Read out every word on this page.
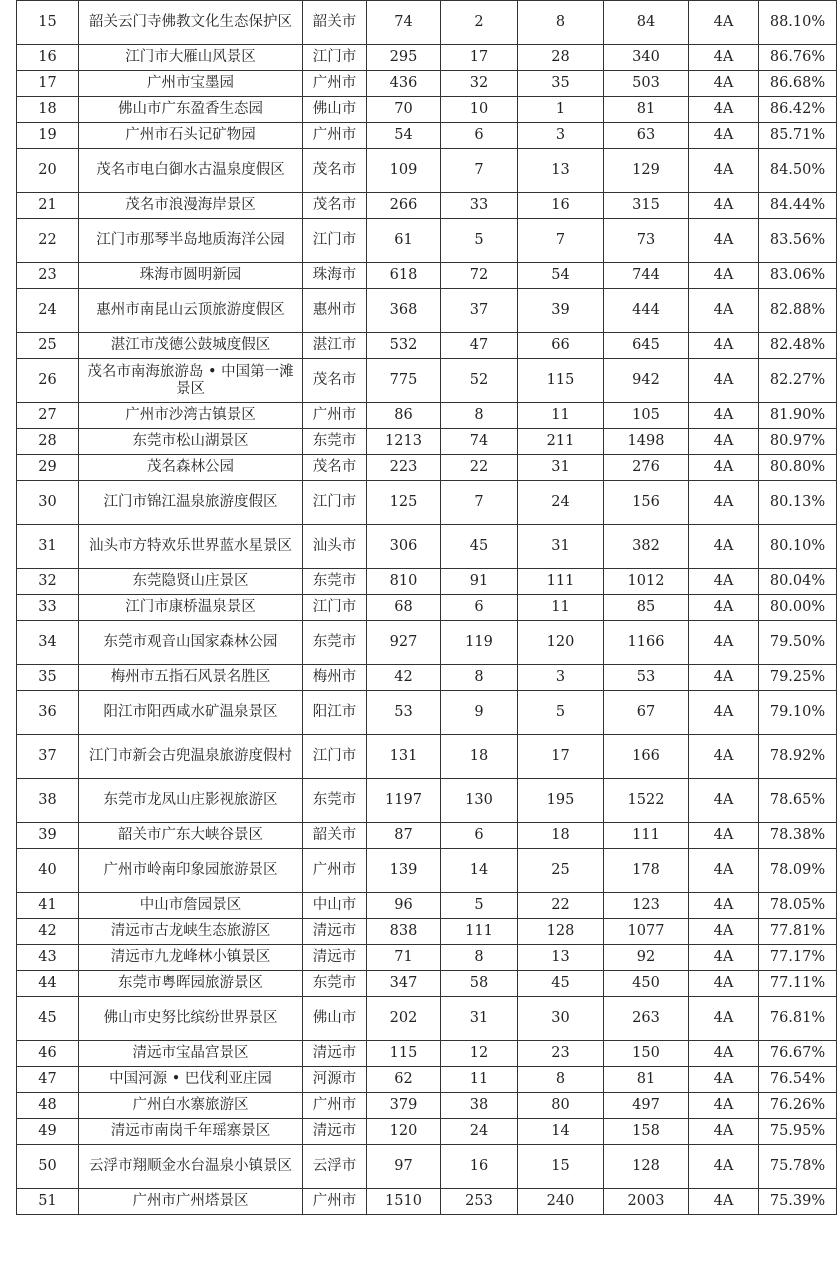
15	韶关云门寺佛教文化生态保护区	韶关市	74	2	8	84	4A	88.10%
16	江门市大雁山风景区	江门市	295	17	28	340	4A	86.76%
17	广州市宝墨园	广州市	436	32	35	503	4A	86.68%
18	佛山市广东盈香生态园	佛山市	70	10	1	81	4A	86.42%
19	广州市石头记矿物园	广州市	54	6	3	63	4A	85.71%
20	茂名市电白御水古温泉度假区	茂名市	109	7	13	129	4A	84.50%
21	茂名市浪漫海岸景区	茂名市	266	33	16	315	4A	84.44%
22	江门市那琴半岛地质海洋公园	江门市	61	5	7	73	4A	83.56%
23	珠海市圆明新园	珠海市	618	72	54	744	4A	83.06%
24	惠州市南昆山云顶旅游度假区	惠州市	368	37	39	444	4A	82.88%
25	湛江市茂德公鼓城度假区	湛江市	532	47	66	645	4A	82.48%
26	茂名市南海旅游岛 • 中国第一滩景区	茂名市	775	52	115	942	4A	82.27%
27	广州市沙湾古镇景区	广州市	86	8	11	105	4A	81.90%
28	东莞市松山湖景区	东莞市	1213	74	211	1498	4A	80.97%
29	茂名森林公园	茂名市	223	22	31	276	4A	80.80%
30	江门市锦江温泉旅游度假区	江门市	125	7	24	156	4A	80.13%
31	汕头市方特欢乐世界蓝水星景区	汕头市	306	45	31	382	4A	80.10%
32	东莞隐贤山庄景区	东莞市	810	91	111	1012	4A	80.04%
33	江门市康桥温泉景区	江门市	68	6	11	85	4A	80.00%
34	东莞市观音山国家森林公园	东莞市	927	119	120	1166	4A	79.50%
35	梅州市五指石风景名胜区	梅州市	42	8	3	53	4A	79.25%
36	阳江市阳西咸水矿温泉景区	阳江市	53	9	5	67	4A	79.10%
37	江门市新会古兜温泉旅游度假村	江门市	131	18	17	166	4A	78.92%
38	东莞市龙凤山庄影视旅游区	东莞市	1197	130	195	1522	4A	78.65%
39	韶关市广东大峡谷景区	韶关市	87	6	18	111	4A	78.38%
40	广州市岭南印象园旅游景区	广州市	139	14	25	178	4A	78.09%
41	中山市詹园景区	中山市	96	5	22	123	4A	78.05%
42	清远市古龙峡生态旅游区	清远市	838	111	128	1077	4A	77.81%
43	清远市九龙峰林小镇景区	清远市	71	8	13	92	4A	77.17%
44	东莞市粤晖园旅游景区	东莞市	347	58	45	450	4A	77.11%
45	佛山市史努比缤纷世界景区	佛山市	202	31	30	263	4A	76.81%
46	清远市宝晶宫景区	清远市	115	12	23	150	4A	76.67%
47	中国河源 • 巴伐利亚庄园	河源市	62	11	8	81	4A	76.54%
48	广州白水寨旅游区	广州市	379	38	80	497	4A	76.26%
49	清远市南岗千年瑶寨景区	清远市	120	24	14	158	4A	75.95%
50	云浮市翔顺金水台温泉小镇景区	云浮市	97	16	15	128	4A	75.78%
51	广州市广州塔景区	广州市	1510	253	240	2003	4A	75.39%
